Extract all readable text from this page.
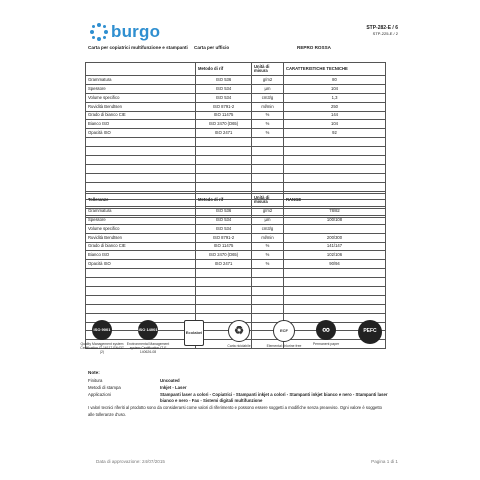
burgo	STP-282-E / 6
STP-225-E / 2
Carta per copiatrici multifunzione e stampanti Carta per ufficio	REPRO ROSSA
	Metodo di rif	Unità di misura	CARATTERISTICHE TECNICHE
Grammatura	ISO 536	g/m2	80
Spessore	ISO 534	µm	104
Volume specifico	ISO 534	cm3/g	1,3
Ruvidità Bendtsen	ISO 8791-2	ml/min	250
Grado di bianco CIE	ISO 11475	%	144
Bianco ISO	ISO 2470 (D65)	%	104
Opacità ISO	ISO 2471	%	92

Tolleranze	Metodo di rif	Unità di misura	RANGE
Grammatura	ISO 536	g/m2	78/82
Spessore	ISO 534	µm	100/108
Volume specifico	ISO 534	cm3/g	
Ruvidità Bendtsen	ISO 8791-2	ml/min	200/300
Grado di bianco CIE	ISO 11475	%	141/147
Bianco ISO	ISO 2470 (D65)	%	102/106
Opacità ISO	ISO 2471	%	90/94

ISO 9001
Quality Management system Certification IT-16117-EN437 (2)
ISO 14001
Environmental Management system Certification IT-F 140626-08
Ecolabel	♻
Carta riciclabile
ECF
Elemental chlorine free
∞
Permanent paper
PEFC
Note:
Finitura	Uncoated
Metodi di stampa	Inkjet - Laser
Applicazioni	Stampanti laser a colori - Copiatrici - Stampanti inkjet a colori - Stampanti inkjet bianco e nero - Stampanti laser bianco e nero - Fax - Sistemi digitali multifunzione
I valori tecnici riferiti al prodotto sono da considerarsi come valori di riferimento e possono essere soggetti a modifiche senza preavviso. Ogni valore è soggetto alle tolleranze d'uso.
Data di approvazione: 24/07/2015	Pagina 1 di 1
